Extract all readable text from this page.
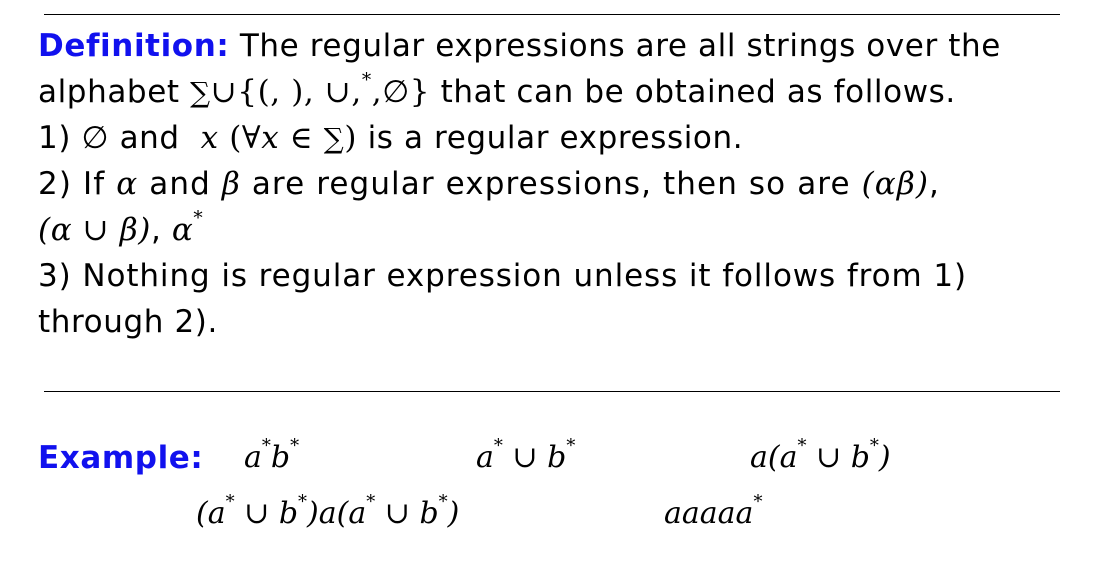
Definition: The regular expressions are all strings over the
alphabet ∑∪{(, ), ∪,*,∅} that can be obtained as follows.
1) ∅ and x (∀x ∈ ∑) is a regular expression.
2) If α and β are regular expressions, then so are (αβ),
(α ∪ β), α*
3) Nothing is regular expression unless it follows from 1)
through 2).
Example: a*b*	a* ∪ b*	a(a* ∪ b*)
(a* ∪ b*)a(a* ∪ b*)	aaaaa*
